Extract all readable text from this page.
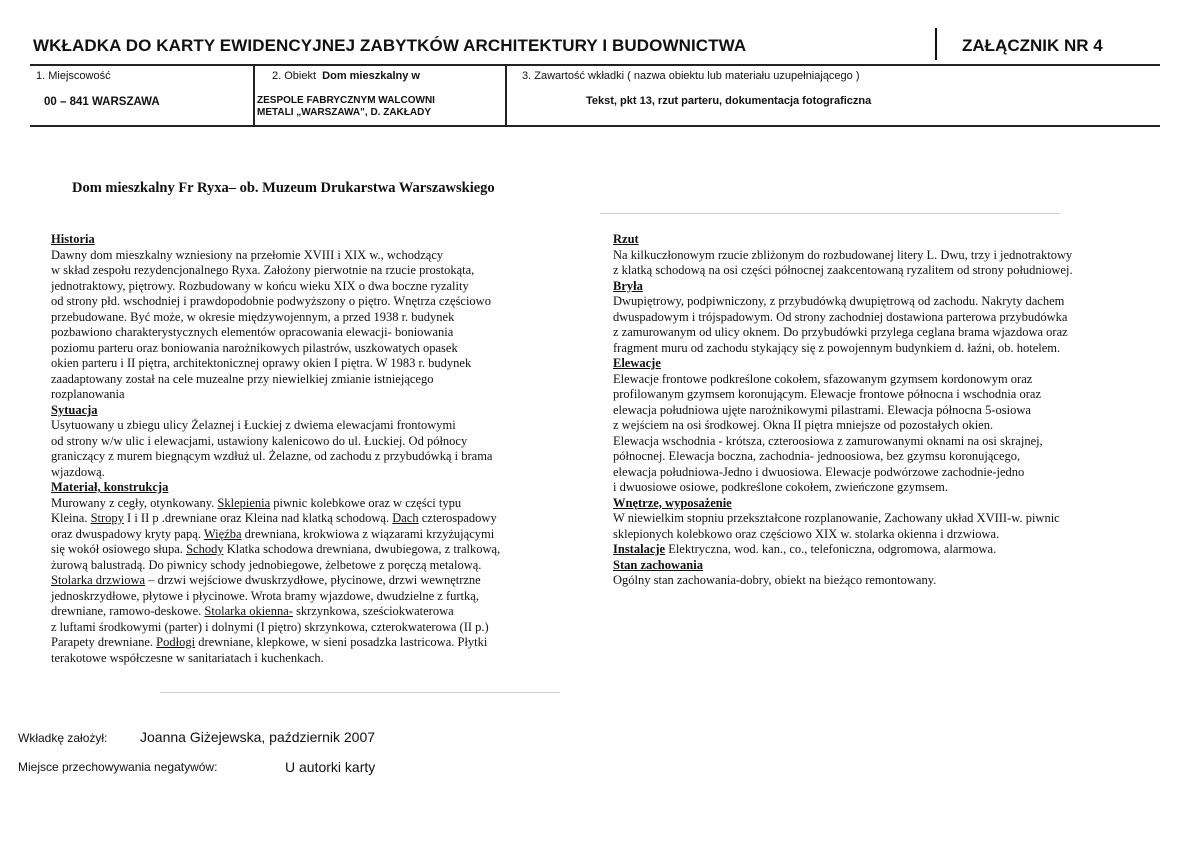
WKŁADKA DO KARTY EWIDENCYJNEJ ZABYTKÓW ARCHITEKTURY I BUDOWNICTWA	ZAŁĄCZNIK NR 4
1. Miejscowość
00 – 841 WARSZAWA
2. Obiekt Dom mieszkalny w
ZESPOLE FABRYCZNYM WALCOWNI
METALI „WARSZAWA", D. ZAKŁADY
3. Zawartość wkładki ( nazwa obiektu lub materiału uzupełniającego )
Tekst, pkt 13, rzut parteru, dokumentacja fotograficzna
Dom mieszkalny Fr Ryxa– ob. Muzeum Drukarstwa Warszawskiego

Historia

Dawny dom mieszkalny wzniesiony na przełomie XVIII i XIX w., wchodzący

w skład zespołu rezydencjonalnego Ryxa. Założony pierwotnie na rzucie prostokąta,

jednotraktowy, piętrowy. Rozbudowany w końcu wieku XIX o dwa boczne ryzality

od strony płd. wschodniej i prawdopodobnie podwyższony o piętro. Wnętrza częściowo

przebudowane. Być może, w okresie międzywojennym, a przed 1938 r. budynek

pozbawiono charakterystycznych elementów opracowania elewacji- boniowania

poziomu parteru oraz boniowania narożnikowych pilastrów, uszkowatych opasek

okien parteru i II piętra, architektonicznej oprawy okien I piętra. W 1983 r. budynek

zaadaptowany został na cele muzealne przy niewielkiej zmianie istniejącego

rozplanowania

Sytuacja

Usytuowany u zbiegu ulicy Żelaznej i Łuckiej z dwiema elewacjami frontowymi

od strony w/w ulic i elewacjami, ustawiony kalenicowo do ul. Łuckiej. Od północy

graniczący z murem biegnącym wzdłuż ul. Żelazne, od zachodu z przybudówką i brama

wjazdową.

Materiał, konstrukcja

Murowany z cegły, otynkowany. Sklepienia piwnic kolebkowe oraz w części typu

Kleina. Stropy I i II p .drewniane oraz Kleina nad klatką schodową. Dach czterospadowy

oraz dwuspadowy kryty papą. Więźba drewniana, krokwiowa z wiązarami krzyżującymi

się wokół osiowego słupa. Schody Klatka schodowa drewniana, dwubiegowa, z tralkową,

żurową balustradą. Do piwnicy schody jednobiegowe, żelbetowe z poręczą metalową.

Stolarka drzwiowa – drzwi wejściowe dwuskrzydłowe, płycinowe, drzwi wewnętrzne

jednoskrzydłowe, płytowe i płycinowe. Wrota bramy wjazdowe, dwudzielne z furtką,

drewniane, ramowo-deskowe. Stolarka okienna- skrzynkowa, sześciokwaterowa

z luftami środkowymi (parter) i dolnymi (I piętro) skrzynkowa, czterokwaterowa (II p.)

Parapety drewniane. Podłogi drewniane, klepkowe, w sieni posadzka lastricowa. Płytki

terakotowe współczesne w sanitariatach i kuchenkach.

Rzut

Na kilkuczłonowym rzucie zbliżonym do rozbudowanej litery L. Dwu, trzy i jednotraktowy

z klatką schodową na osi części północnej zaakcentowaną ryzalitem od strony południowej.

Bryła

Dwupiętrowy, podpiwniczony, z przybudówką dwupiętrową od zachodu. Nakryty dachem

dwuspadowym i trójspadowym. Od strony zachodniej dostawiona parterowa przybudówka

z zamurowanym od ulicy oknem. Do przybudówki przylega ceglana brama wjazdowa oraz

fragment muru od zachodu stykający się z powojennym budynkiem d. łaźni, ob. hotelem.

Elewacje

Elewacje frontowe podkreślone cokołem, sfazowanym gzymsem kordonowym oraz

profilowanym gzymsem koronującym. Elewacje frontowe północna i wschodnia oraz

elewacja południowa ujęte narożnikowymi pilastrami. Elewacja północna 5-osiowa

z wejściem na osi środkowej. Okna II piętra mniejsze od pozostałych okien.

Elewacja wschodnia - krótsza, czteroosiowa z zamurowanymi oknami na osi skrajnej,

północnej. Elewacja boczna, zachodnia- jednoosiowa, bez gzymsu koronującego,

elewacja południowa-Jedno i dwuosiowa. Elewacje podwórzowe zachodnie-jedno

i dwuosiowe osiowe, podkreślone cokołem, zwieńczone gzymsem.

Wnętrze, wyposażenie

W niewielkim stopniu przekształcone rozplanowanie, Zachowany układ XVIII-w. piwnic

sklepionych kolebkowo oraz częściowo XIX w. stolarka okienna i drzwiowa.

Instalacje Elektryczna, wod. kan., co., telefoniczna, odgromowa, alarmowa.

Stan zachowania

Ogólny stan zachowania-dobry, obiekt na bieżąco remontowany.

Wkładkę założył: Joanna Giżejewska, październik 2007
Miejsce przechowywania negatywów:	U autorki karty
